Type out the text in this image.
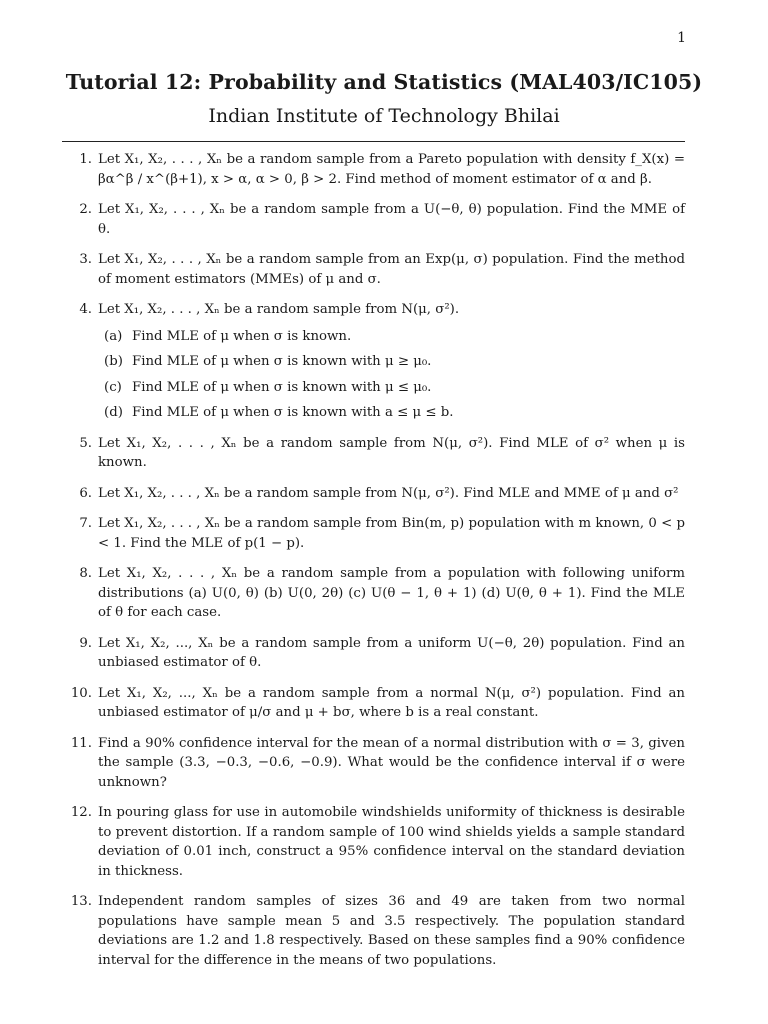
1
Tutorial 12: Probability and Statistics (MAL403/IC105)
Indian Institute of Technology Bhilai
1. Let X₁, X₂, . . . , Xₙ be a random sample from a Pareto population with density f_X(x) = βα^β / x^(β+1), x > α, α > 0, β > 2. Find method of moment estimator of α and β.
2. Let X₁, X₂, . . . , Xₙ be a random sample from a U(−θ, θ) population. Find the MME of θ.
3. Let X₁, X₂, . . . , Xₙ be a random sample from an Exp(μ, σ) population. Find the method of moment estimators (MMEs) of μ and σ.
4. Let X₁, X₂, . . . , Xₙ be a random sample from N(μ, σ²).
(a) Find MLE of μ when σ is known.
(b) Find MLE of μ when σ is known with μ ≥ μ₀.
(c) Find MLE of μ when σ is known with μ ≤ μ₀.
(d) Find MLE of μ when σ is known with a ≤ μ ≤ b.
5. Let X₁, X₂, . . . , Xₙ be a random sample from N(μ, σ²). Find MLE of σ² when μ is known.
6. Let X₁, X₂, . . . , Xₙ be a random sample from N(μ, σ²). Find MLE and MME of μ and σ²
7. Let X₁, X₂, . . . , Xₙ be a random sample from Bin(m, p) population with m known, 0 < p < 1. Find the MLE of p(1 − p).
8. Let X₁, X₂, . . . , Xₙ be a random sample from a population with following uniform distributions (a) U(0, θ) (b) U(0, 2θ) (c) U(θ − 1, θ + 1) (d) U(θ, θ + 1). Find the MLE of θ for each case.
9. Let X₁, X₂, ..., Xₙ be a random sample from a uniform U(−θ, 2θ) population. Find an unbiased estimator of θ.
10. Let X₁, X₂, ..., Xₙ be a random sample from a normal N(μ, σ²) population. Find an unbiased estimator of μ/σ and μ + bσ, where b is a real constant.
11. Find a 90% confidence interval for the mean of a normal distribution with σ = 3, given the sample (3.3, −0.3, −0.6, −0.9). What would be the confidence interval if σ were unknown?
12. In pouring glass for use in automobile windshields uniformity of thickness is desirable to prevent distortion. If a random sample of 100 wind shields yields a sample standard deviation of 0.01 inch, construct a 95% confidence interval on the standard deviation in thickness.
13. Independent random samples of sizes 36 and 49 are taken from two normal populations have sample mean 5 and 3.5 respectively. The population standard deviations are 1.2 and 1.8 respectively. Based on these samples find a 90% confidence interval for the difference in the means of two populations.
